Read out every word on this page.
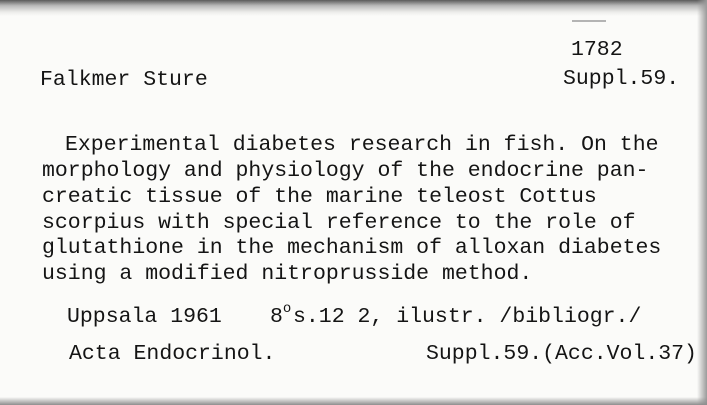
1782

Falkmer Sture

	Suppl.59.

Experimental diabetes research in fish. On the

morphology and physiology of the endocrine pan-

creatic tissue of the marine teleost Cottus

scorpius with special reference to the role of

glutathione in the mechanism of alloxan diabetes

using a modified nitroprusside method.

Uppsala 1961

8$^o$

s.12 2, ilustr. /bibliogr./

Acta Endocrinol.

	Suppl.59.(Acc.Vol.37)
